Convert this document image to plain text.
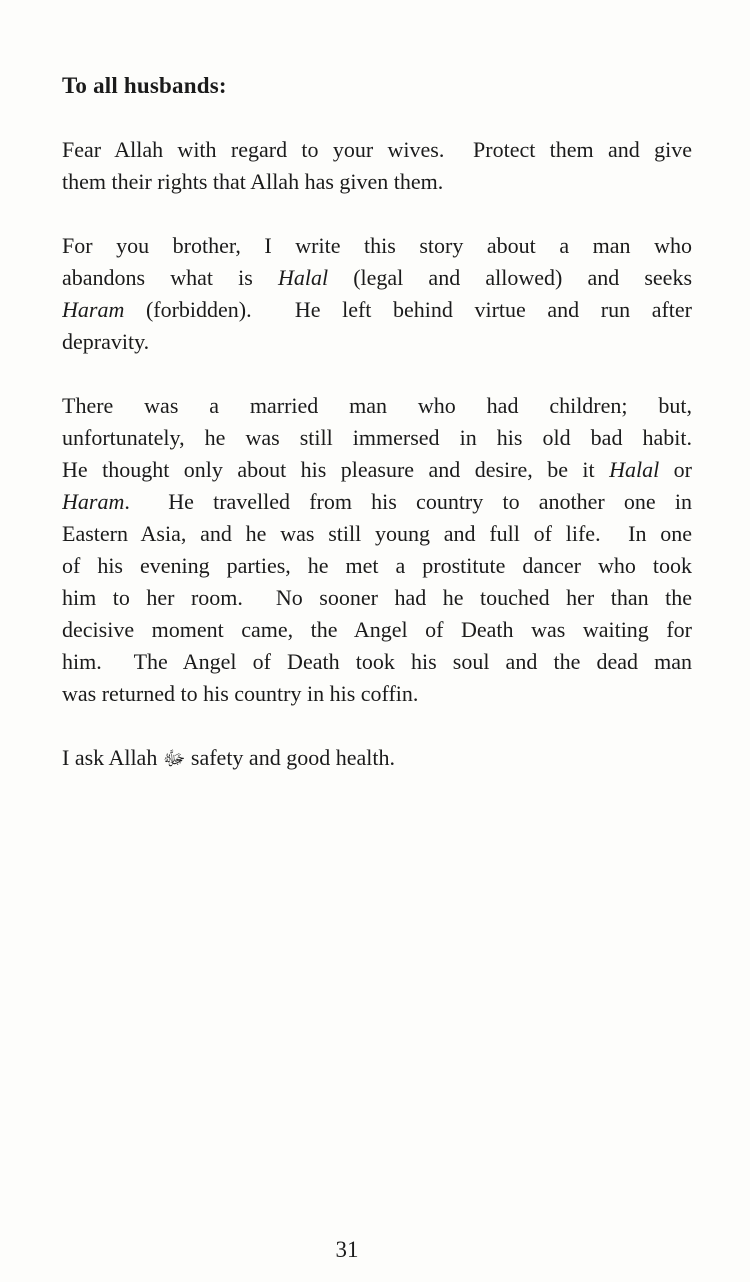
To all husbands:
Fear Allah with regard to your wives.  Protect them and give
them their rights that Allah has given them.
For you brother, I write this story about a man who
abandons what is Halal (legal and allowed) and seeks
Haram (forbidden).  He left behind virtue and run after
depravity.
There was a married man who had children; but,
unfortunately, he was still immersed in his old bad habit.
He thought only about his pleasure and desire, be it Halal or
Haram.  He travelled from his country to another one in
Eastern Asia, and he was still young and full of life.  In one
of his evening parties, he met a prostitute dancer who took
him to her room.  No sooner had he touched her than the
decisive moment came, the Angel of Death was waiting for
him.  The Angel of Death took his soul and the dead man
was returned to his country in his coffin.
I ask Allah ﷻ safety and good health.
31
